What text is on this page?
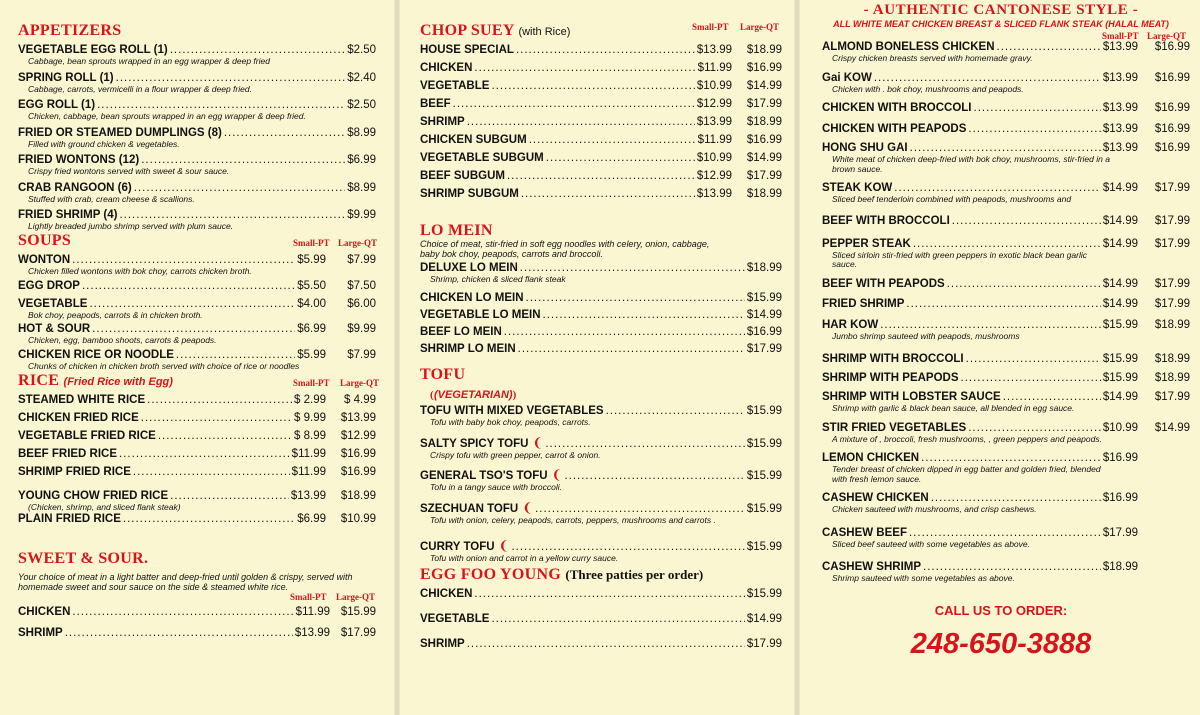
APPETIZERS
VEGETABLE EGG ROLL (1) .....	$2.50
Cabbage, bean sprouts wrapped in an egg wrapper & deep fried
SPRING ROLL (1) .....	$2.40
Cabbage, carrots, vermicelli in a flour wrapper & deep fried.
EGG ROLL (1) .....	$2.50
Chicken, cabbage, bean sprouts wrapped in an egg wrapper & deep fried.
FRIED OR STEAMED DUMPLINGS (8) .....	$8.99
Filled with ground chicken & vegetables.
FRIED WONTONS (12) .....	$6.99
Crispy fried wontons served with sweet & sour sauce.
CRAB RANGOON (6) .....	$8.99
Stuffed with crab, cream cheese & scallions.
FRIED SHRIMP (4) .....	$9.99
Lightly breaded jumbo shrimp served with plum sauce.
SOUPS	Small-PT Large-QT
WONTON .....	$5.99	$7.99
Chicken filled wontons with bok choy, carrots chicken broth.
EGG DROP .....	$5.50	$7.50
VEGETABLE .....	$4.00	$6.00
Bok choy, peapods, carrots & in chicken broth.
HOT & SOUR .....	$6.99	$9.99
Chicken, egg, bamboo shoots, carrots & peapods.
CHICKEN RICE OR NOODLE .....	$5.99	$7.99
Chunks of chicken in chicken broth served with choice of rice or noodles
RICE (Fried Rice with Egg)	Small-PT Large-QT
STEAMED WHITE RICE .....	$ 2.99	$ 4.99
CHICKEN FRIED RICE .....	$ 9.99	$13.99
VEGETABLE FRIED RICE .....	$ 8.99	$12.99
BEEF FRIED RICE .....	$11.99	$16.99
SHRIMP FRIED RICE .....	$11.99	$16.99
YOUNG CHOW FRIED RICE .....	$13.99	$18.99
(Chicken, shrimp, and sliced flank steak)
PLAIN FRIED RICE .....	$6.99	$10.99
SWEET & SOUR.
Your choice of meat in a light batter and deep-fried until golden & crispy, served with homemade sweet and sour sauce on the side & steamed white rice.
Small-PT Large-QT
CHICKEN .....	$11.99 $15.99
SHRIMP .....	$13.99 $17.99
CHOP SUEY (with Rice)	Small-PT Large-QT
HOUSE SPECIAL .....	$13.99	$18.99
CHICKEN .....	$11.99	$16.99
VEGETABLE .....	$10.99	$14.99
BEEF .....	$12.99	$17.99
SHRIMP .....	$13.99	$18.99
CHICKEN SUBGUM .....	$11.99	$16.99
VEGETABLE SUBGUM .....	$10.99	$14.99
BEEF SUBGUM .....	$12.99	$17.99
SHRIMP SUBGUM .....	$13.99	$18.99
LO MEIN
Choice of meat, stir-fried in soft egg noodles with celery, onion, cabbage, baby bok choy, peapods, carrots and broccoli.
DELUXE LO MEIN .....	$18.99
Shrimp, chicken & sliced flank steak
CHICKEN LO MEIN .....	$15.99
VEGETABLE LO MEIN .....	$14.99
BEEF LO MEIN .....	$16.99
SHRIMP LO MEIN .....	$17.99
TOFU
((VEGETARIAN))
TOFU WITH MIXED VEGETABLES .....	$15.99
Tofu with baby bok choy, peapods, carrots.
SALTY SPICY TOFU ❨ .....	$15.99
Crispy tofu with green pepper, carrot & onion.
GENERAL TSO'S TOFU ❨ .....	$15.99
Tofu in a tangy sauce with broccoli.
SZECHUAN TOFU ❨ .....	$15.99
Tofu with onion, celery, peapods, carrots, peppers, mushrooms and carrots .
CURRY TOFU ❨ .....	$15.99
Tofu with onion and carrot in a yellow curry sauce.
EGG FOO YOUNG (Three patties per order)
CHICKEN .....	$15.99
VEGETABLE .....	$14.99
SHRIMP .....	$17.99
- AUTHENTIC CANTONESE STYLE -
ALL WHITE MEAT CHICKEN BREAST & SLICED FLANK STEAK (HALAL MEAT)
Small-PT Large-QT
ALMOND BONELESS CHICKEN .....	$13.99	$16.99
Crispy chicken breasts served with homemade gravy.
Gai KOW .....	$13.99	$16.99
Chicken with . bok choy, mushrooms and peapods.
CHICKEN WITH BROCCOLI .....	$13.99	$16.99
CHICKEN WITH PEAPODS .....	$13.99	$16.99
HONG SHU GAI .....	$13.99	$16.99
White meat of chicken deep-fried with bok choy, mushrooms, stir-fried in a brown sauce.
STEAK KOW .....	$14.99	$17.99
Sliced beef tenderloin combined with peapods, mushrooms and
BEEF WITH BROCCOLI .....	$14.99	$17.99
PEPPER STEAK .....	$14.99	$17.99
Sliced sirloin stir-fried with green peppers in exotic black bean garlic sauce.
BEEF WITH PEAPODS .....	$14.99	$17.99
FRIED SHRIMP .....	$14.99	$17.99
HAR KOW .....	$15.99	$18.99
Jumbo shrimp sauteed with peapods, mushrooms
SHRIMP WITH BROCCOLI .....	$15.99	$18.99
SHRIMP WITH PEAPODS .....	$15.99	$18.99
SHRIMP WITH LOBSTER SAUCE .....	$14.99	$17.99
Shrimp with garlic & black bean sauce, all blended in egg sauce.
STIR FRIED VEGETABLES .....	$10.99	$14.99
A mixture of , broccoli, fresh mushrooms, , green peppers and peapods.
LEMON CHICKEN .....	$16.99
Tender breast of chicken dipped in egg batter and golden fried, blended with fresh lemon sauce.
CASHEW CHICKEN .....	$16.99
Chicken sauteed with mushrooms, and crisp cashews.
CASHEW BEEF .....	$17.99
Sliced beef sauteed with some vegetables as above.
CASHEW SHRIMP .....	$18.99
Shrimp sauteed with some vegetables as above.
CALL US TO ORDER:
248-650-3888
